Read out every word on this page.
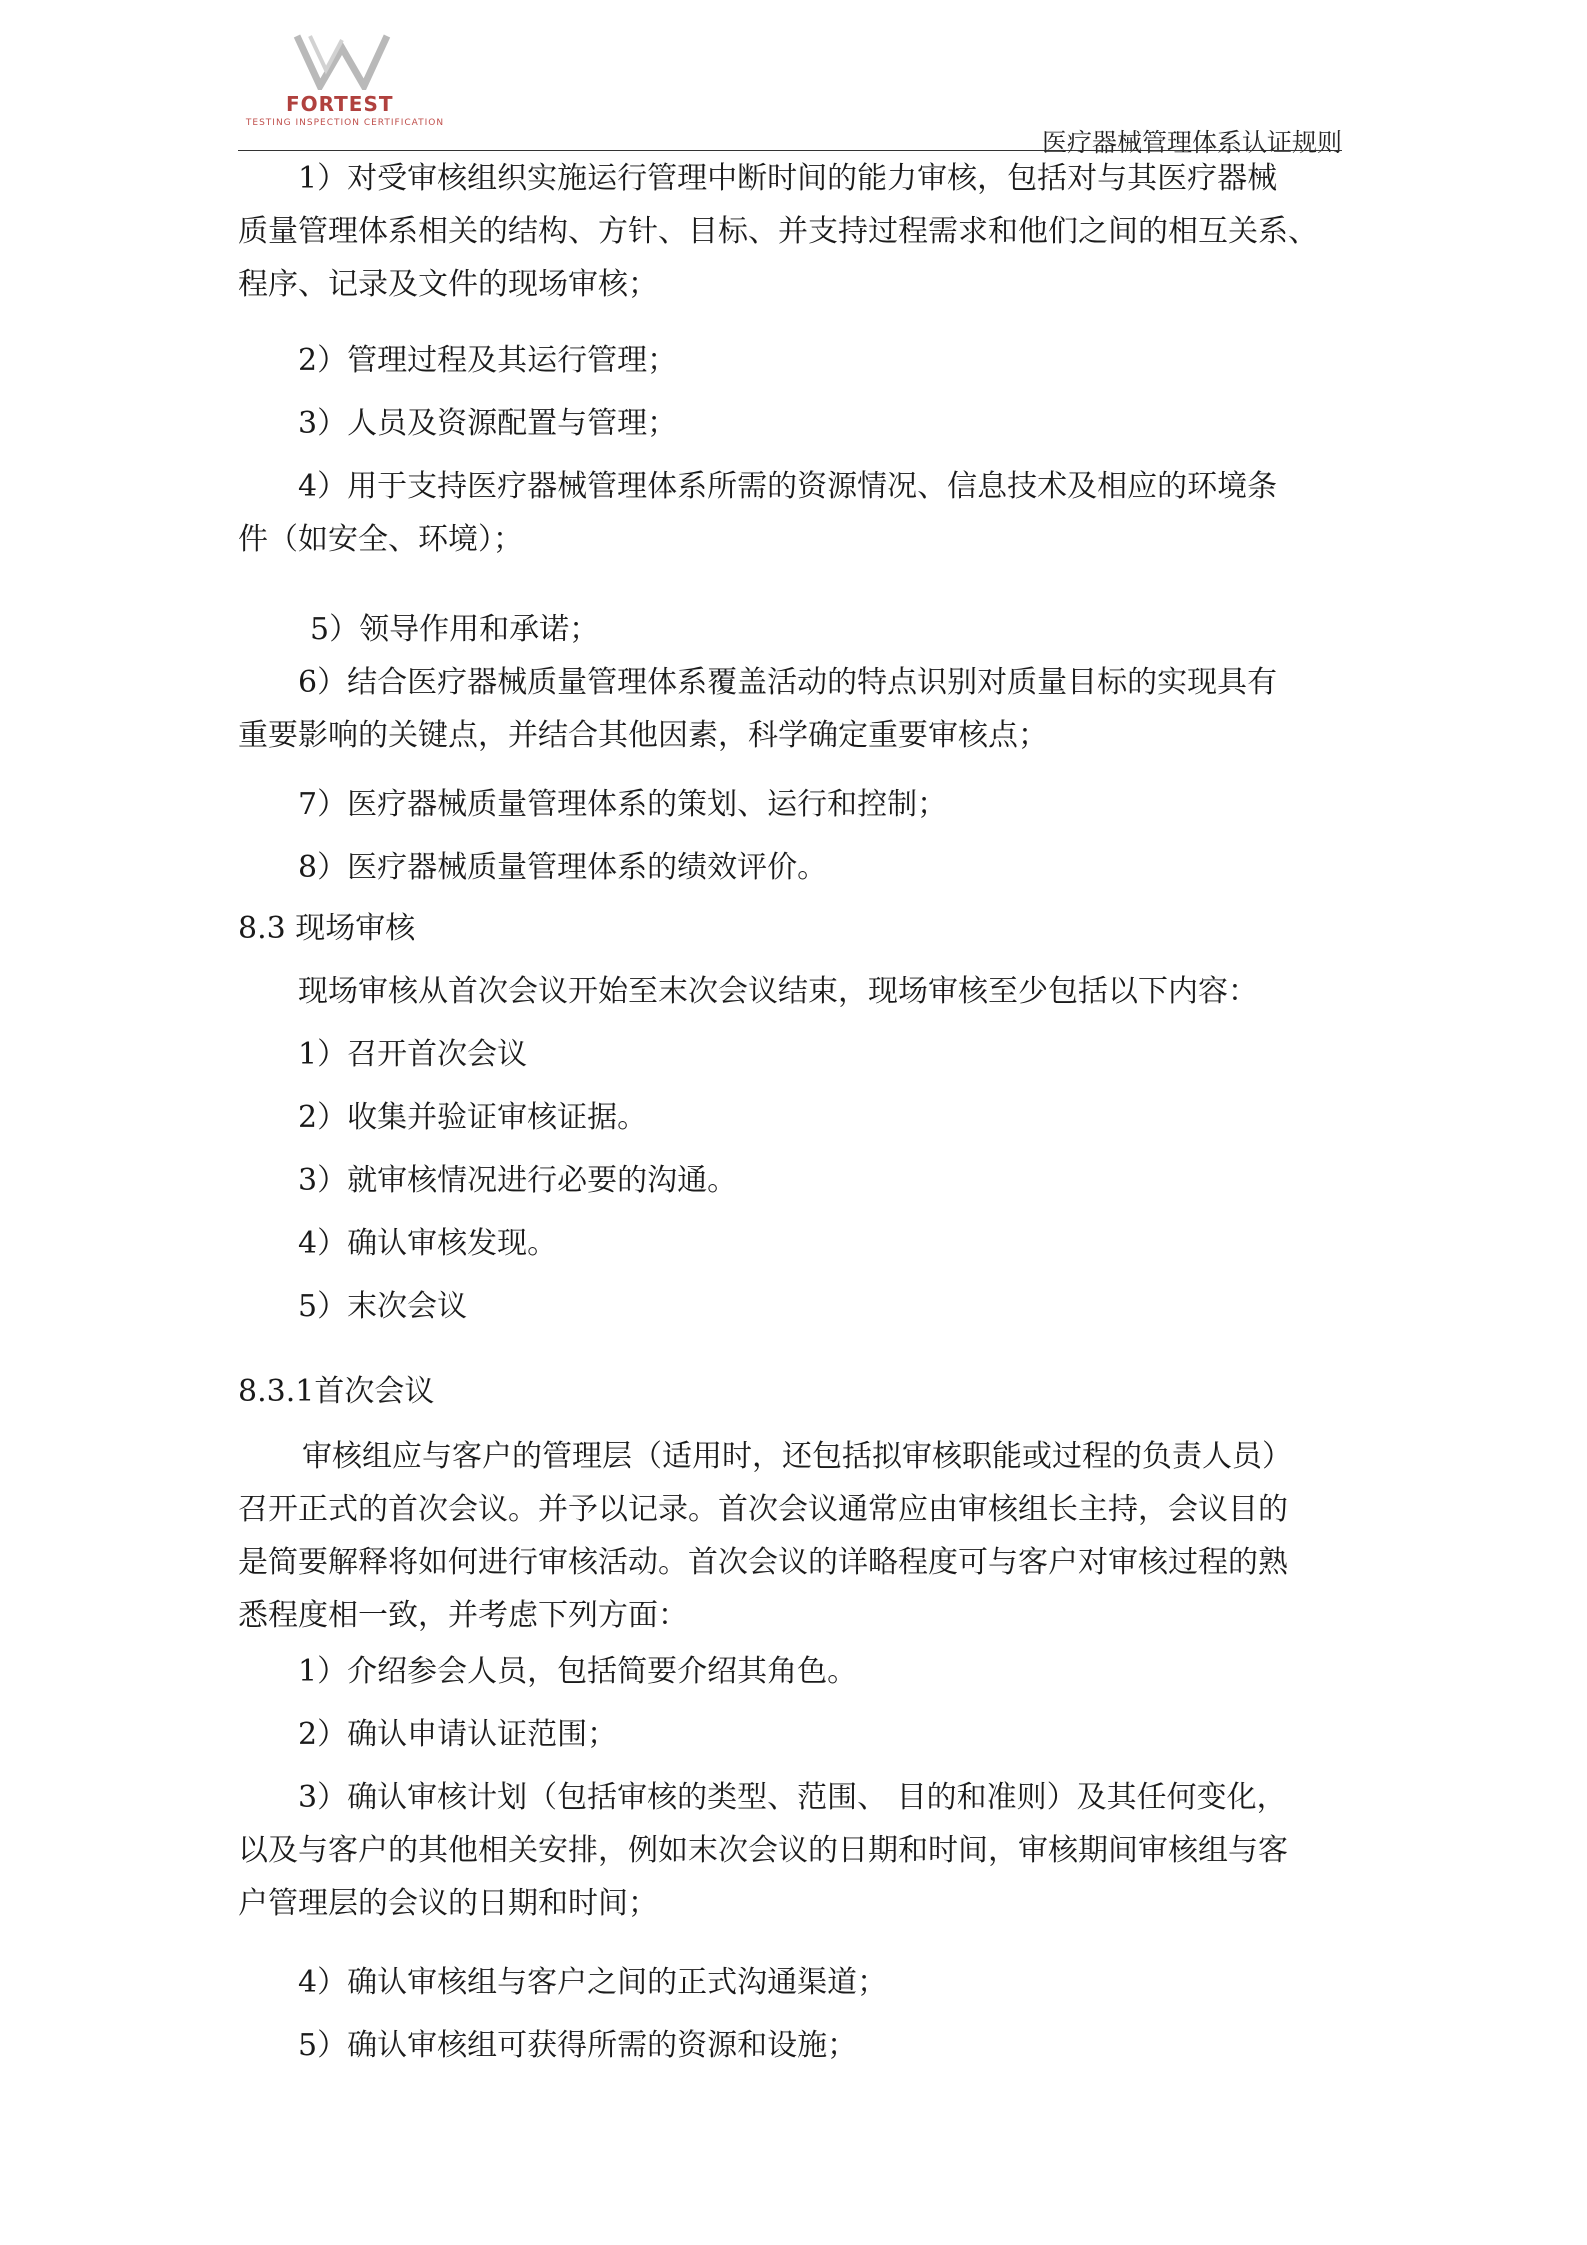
FORTEST
TESTING INSPECTION CERTIFICATION
医疗器械管理体系认证规则
1）对受审核组织实施运行管理中断时间的能力审核，包括对与其医疗器械
质量管理体系相关的结构、方针、目标、并支持过程需求和他们之间的相互关系、
程序、记录及文件的现场审核；
2）管理过程及其运行管理；
3）人员及资源配置与管理；
4）用于支持医疗器械管理体系所需的资源情况、信息技术及相应的环境条
件（如安全、环境）；
5）领导作用和承诺；
6）结合医疗器械质量管理体系覆盖活动的特点识别对质量目标的实现具有
重要影响的关键点，并结合其他因素，科学确定重要审核点；
7）医疗器械质量管理体系的策划、运行和控制；
8）医疗器械质量管理体系的绩效评价。
8.3 现场审核
现场审核从首次会议开始至末次会议结束，现场审核至少包括以下内容：
1）召开首次会议
2）收集并验证审核证据。
3）就审核情况进行必要的沟通。
4）确认审核发现。
5）末次会议
8.3.1首次会议
审核组应与客户的管理层（适用时，还包括拟审核职能或过程的负责人员）
召开正式的首次会议。并予以记录。首次会议通常应由审核组长主持，会议目的
是简要解释将如何进行审核活动。首次会议的详略程度可与客户对审核过程的熟
悉程度相一致，并考虑下列方面：
1）介绍参会人员，包括简要介绍其角色。
2）确认申请认证范围；
3）确认审核计划（包括审核的类型、范围、 目的和准则）及其任何变化，
以及与客户的其他相关安排，例如末次会议的日期和时间，审核期间审核组与客
户管理层的会议的日期和时间；
4）确认审核组与客户之间的正式沟通渠道；
5）确认审核组可获得所需的资源和设施；
